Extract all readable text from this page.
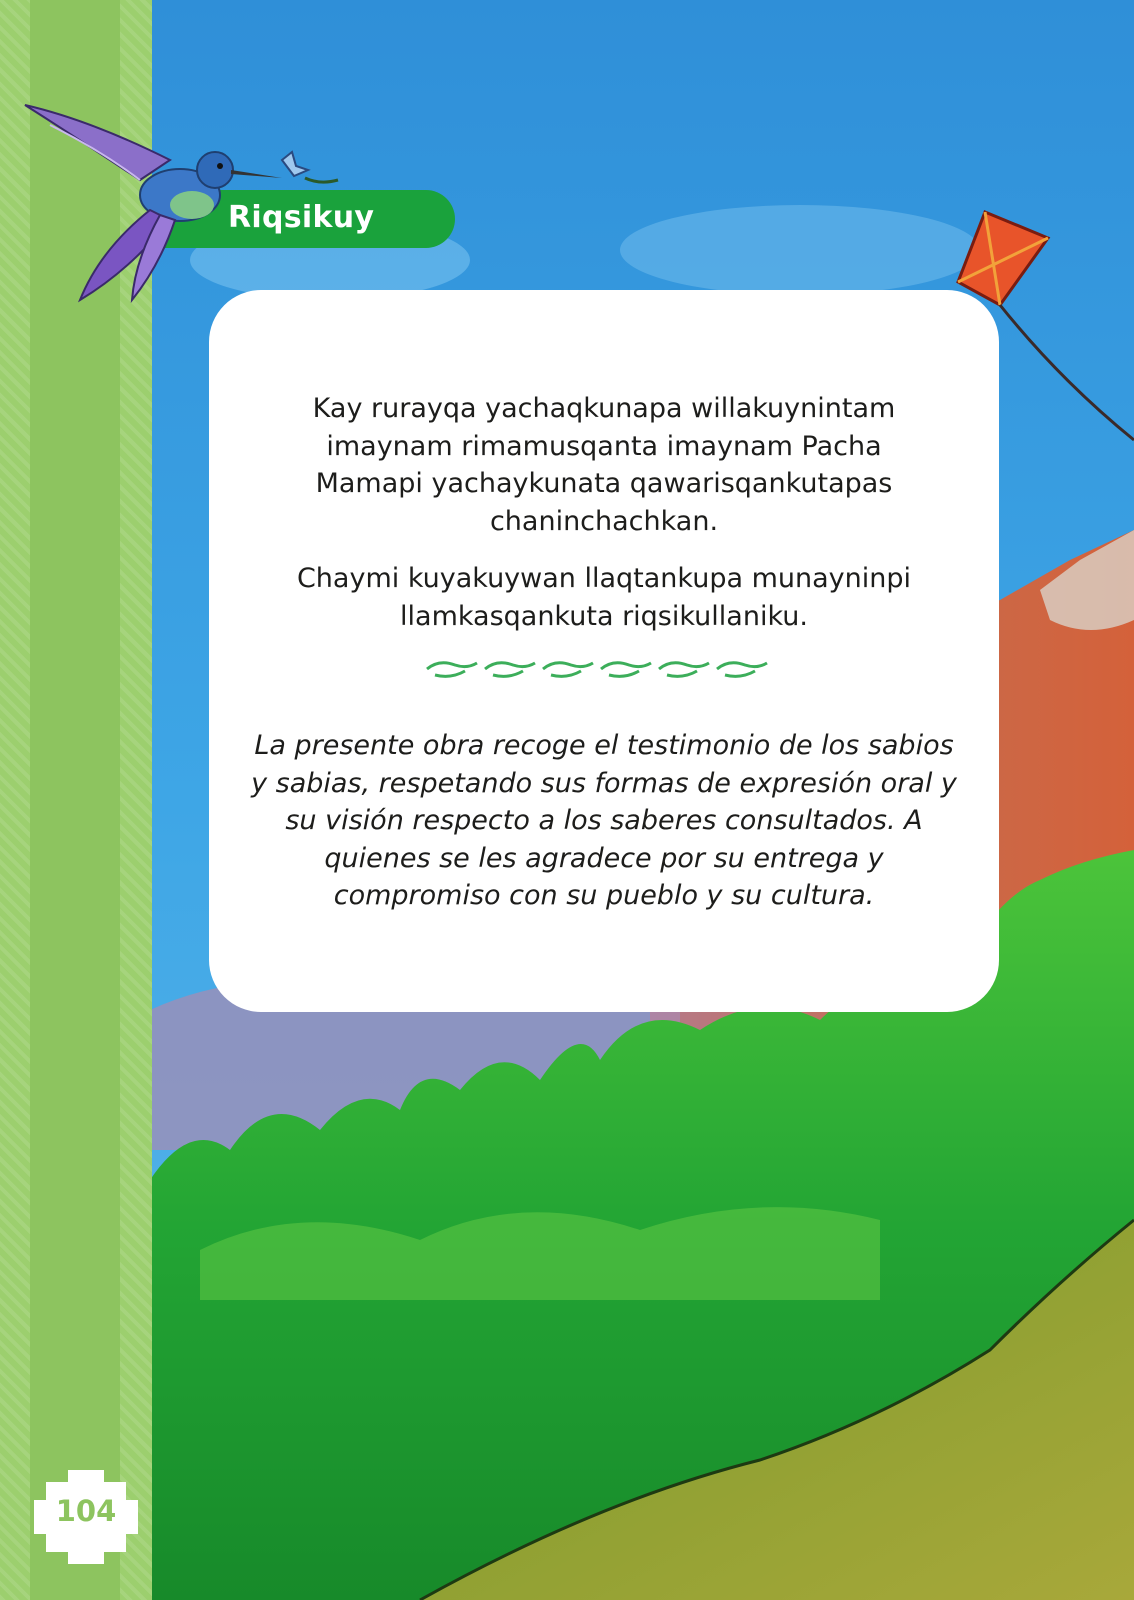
Riqsikuy

Kay rurayqa yachaqkunapa willakuynintam imaynam rimamusqanta imaynam Pacha Mamapi yachaykunata qawarisqankutapas chaninchachkan.

Chaymi kuyakuywan llaqtankupa munayninpi llamkasqankuta riqsikullaniku.

La presente obra recoge el testimonio de los sabios y sabias, respetando sus formas de expresión oral y su visión respecto a los saberes consultados. A quienes se les agradece por su entrega y compromiso con su pueblo y su cultura.

104
